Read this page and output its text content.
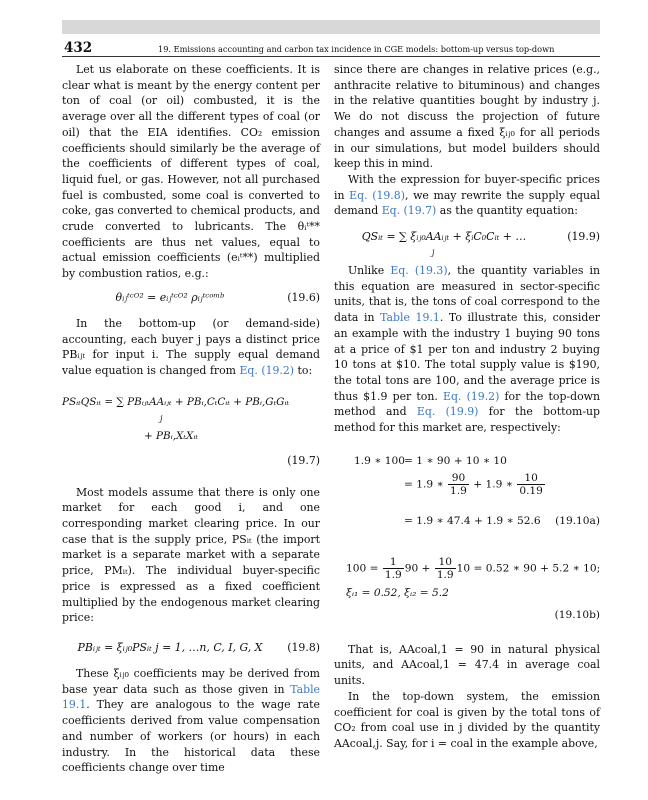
432	19. Emissions accounting and carbon tax incidence in CGE models: bottom-up versus top-down

Let us elaborate on these coefficients. It is clear what is meant by the energy content per ton of coal (or oil) combusted, it is the average over all the different types of coal (or oil) that the EIA identifies. CO₂ emission coefficients should similarly be the average of the coefficients of different types of coal, liquid fuel, or gas. However, not all purchased fuel is combusted, some coal is converted to coke, gas converted to chemical products, and crude converted to lubricants. The θᵢᵗ** coefficients are thus net values, equal to actual emission coefficients (eᵢᵗ**) multiplied by combustion ratios, e.g.:

θᵢⱼᵗᶜᴼ² = eᵢⱼᵗᶜᴼ² ρᵢⱼᵗᶜᵒᵐᵇ	(19.6)

In the bottom-up (or demand-side) accounting, each buyer j pays a distinct price PBᵢⱼₜ for input i. The supply equal demand value equation is changed from Eq. (19.2) to:

PSᵢₜQSᵢₜ = ∑ PBᵢⱼₜAAᵢⱼₜ + PBᵢ,CₜCᵢₜ + PBᵢ,GₜGᵢₜ
j
+ PBᵢ,XₜXᵢₜ
(19.7)

Most models assume that there is only one market for each good i, and one corresponding market clearing price. In our case that is the supply price, PSᵢₜ (the import market is a separate market with a separate price, PMᵢₜ). The individual buyer-specific price is expressed as a fixed coefficient multiplied by the endogenous market clearing price:

PBᵢⱼₜ = ξᵢⱼ₀PSᵢₜ j = 1, …n, C, I, G, X	(19.8)

These ξᵢⱼ₀ coefficients may be derived from base year data such as those given in Table 19.1. They are analogous to the wage rate coefficients derived from value compensation and number of workers (or hours) in each industry. In the historical data these coefficients change over time

since there are changes in relative prices (e.g., anthracite relative to bituminous) and changes in the relative quantities bought by industry j. We do not discuss the projection of future changes and assume a fixed ξᵢⱼ₀ for all periods in our simulations, but model builders should keep this in mind.

With the expression for buyer-specific prices in Eq. (19.8), we may rewrite the supply equal demand Eq. (19.7) as the quantity equation:

QSᵢₜ = ∑ ξᵢⱼ₀AAᵢⱼₜ + ξᵢC₀Cᵢₜ + …
j
(19.9)

Unlike Eq. (19.3), the quantity variables in this equation are measured in sector-specific units, that is, the tons of coal correspond to the data in Table 19.1. To illustrate this, consider an example with the industry 1 buying 90 tons at a price of $1 per ton and industry 2 buying 10 tons at $10. The total supply value is $190, the total tons are 100, and the average price is thus $1.9 per ton. Eq. (19.2) for the top-down method and Eq. (19.9) for the bottom-up method for this market are, respectively:

1.9 ∗ 100
= 1 ∗ 90 + 10 ∗ 10
= 1.9 ∗ $\frac{90}{1.9} + 1.9$ ∗ $\frac{10}{0.19}$
= 1.9 ∗ 47.4 + 1.9 ∗ 52.6 (19.10a)
$100 = \frac{1}{1.9} 90 + \frac{10}{1.9} 10 = 0.52$ ∗ 90 + 5.2 ∗ 10;
ξᵢ₁ = 0.52, ξᵢ₂ = 5.2
(19.10b)

That is, AAcoal,1 = 90 in natural physical units, and AAcoal,1 = 47.4 in average coal units.

In the top-down system, the emission coefficient for coal is given by the total tons of CO₂ from coal use in j divided by the quantity AAcoal,j. Say, for i = coal in the example above,
